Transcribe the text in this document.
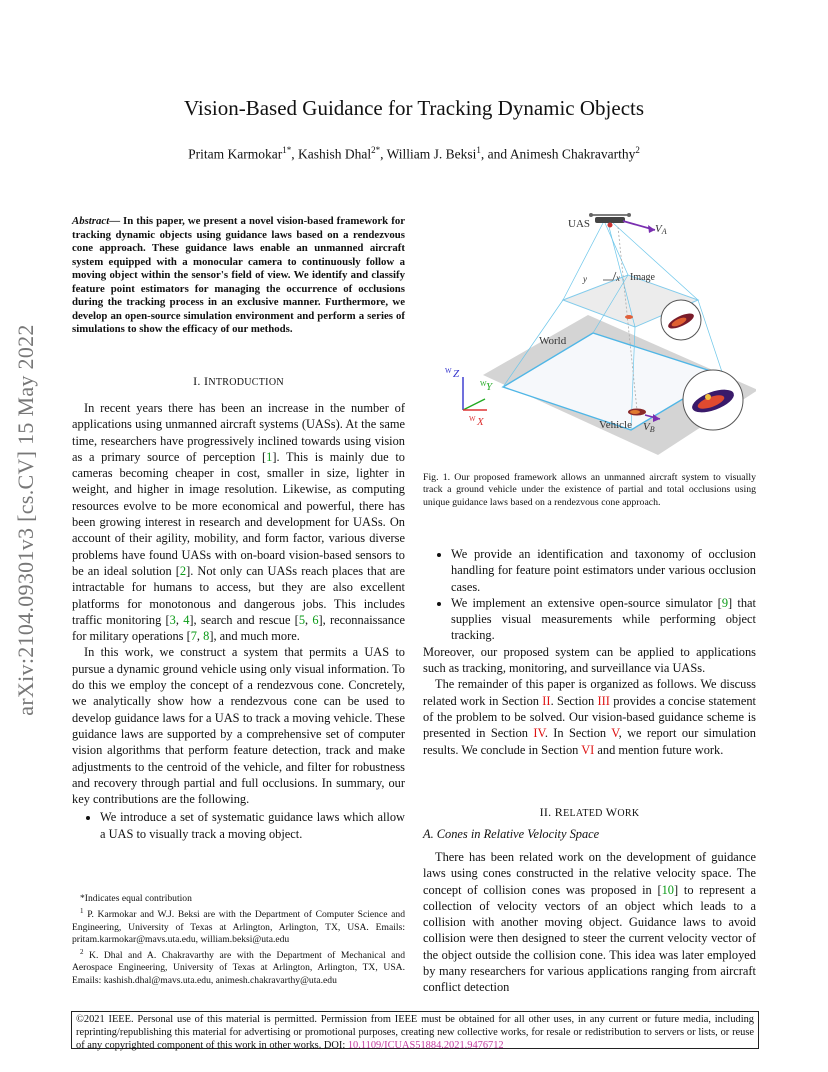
arXiv:2104.09301v3 [cs.CV] 15 May 2022
Vision-Based Guidance for Tracking Dynamic Objects
Pritam Karmokar$^{1*}$, Kashish Dhal$^{2*}$, William J. Beksi$^1$, and Animesh Chakravarthy$^2$
Abstract— In this paper, we present a novel vision-based framework for tracking dynamic objects using guidance laws based on a rendezvous cone approach. These guidance laws enable an unmanned aircraft system equipped with a monocular camera to continuously follow a moving object within the sensor's field of view. We identify and classify feature point estimators for managing the occurrence of occlusions during the tracking process in an exclusive manner. Furthermore, we develop an open-source simulation environment and perform a series of simulations to show the efficacy of our methods.
I. INTRODUCTION

In recent years there has been an increase in the number of applications using unmanned aircraft systems (UASs). At the same time, researchers have progressively inclined towards using vision as a primary source of perception [1]. This is mainly due to cameras becoming cheaper in cost, smaller in size, lighter in weight, and higher in image resolution. Likewise, as computing resources evolve to be more economical and powerful, there has been growing interest in research and development for UASs. On account of their agility, mobility, and form factor, various diverse problems have found UASs with on-board vision-based sensors to be an ideal solution [2]. Not only can UASs reach places that are intractable for humans to access, but they are also excellent platforms for monotonous and dangerous jobs. This includes traffic monitoring [3, 4], search and rescue [5, 6], reconnaissance for military operations [7, 8], and much more.

In this work, we construct a system that permits a UAS to pursue a dynamic ground vehicle using only visual information. To do this we employ the concept of a rendezvous cone. Concretely, we analytically show how a rendezvous cone can be used to develop guidance laws for a UAS to track a moving vehicle. These guidance laws are supported by a comprehensive set of computer vision algorithms that perform feature detection, track and make adjustments to the centroid of the vehicle, and filter for robustness and recovery through partial and full occlusions. In summary, our key contributions are the following.

• We introduce a set of systematic guidance laws which allow a UAS to visually track a moving object.

*Indicates equal contribution

$^1$ P. Karmokar and W.J. Beksi are with the Department of Computer Science and Engineering, University of Texas at Arlington, Arlington, TX, USA. Emails: pritam.karmokar@mavs.uta.edu, william.beksi@uta.edu

$^2$ K. Dhal and A. Chakravarthy are with the Department of Mechanical and Aerospace Engineering, University of Texas at Arlington, Arlington, TX, USA. Emails: kashish.dhal@mavs.uta.edu, animesh.chakravarthy@uta.edu

UAS	VA
Image
x
y
World
Vehicle VB
W Z
W Y
W X
Fig. 1. Our proposed framework allows an unmanned aircraft system to visually track a ground vehicle under the existence of partial and total occlusions using unique guidance laws based on a rendezvous cone approach.
• We provide an identification and taxonomy of occlusion handling for feature point estimators under various occlusion cases.
• We implement an extensive open-source simulator [9] that supplies visual measurements while performing object tracking.

Moreover, our proposed system can be applied to applications such as tracking, monitoring, and surveillance via UASs.

The remainder of this paper is organized as follows. We discuss related work in Section II. Section III provides a concise statement of the problem to be solved. Our vision-based guidance scheme is presented in Section IV. In Section V, we report our simulation results. We conclude in Section VI and mention future work.

II. RELATED WORK
A. Cones in Relative Velocity Space

There has been related work on the development of guidance laws using cones constructed in the relative velocity space. The concept of collision cones was proposed in [10] to represent a collection of velocity vectors of an object which leads to a collision with another moving object. Guidance laws to avoid collision were then designed to steer the current velocity vector of the object outside the collision cone. This idea was later employed by many researchers for various applications ranging from aircraft conflict detection

©2021 IEEE. Personal use of this material is permitted. Permission from IEEE must be obtained for all other uses, in any current or future media, including reprinting/republishing this material for advertising or promotional purposes, creating new collective works, for resale or redistribution to servers or lists, or reuse of any copyrighted component of this work in other works. DOI: 10.1109/ICUAS51884.2021.9476712
